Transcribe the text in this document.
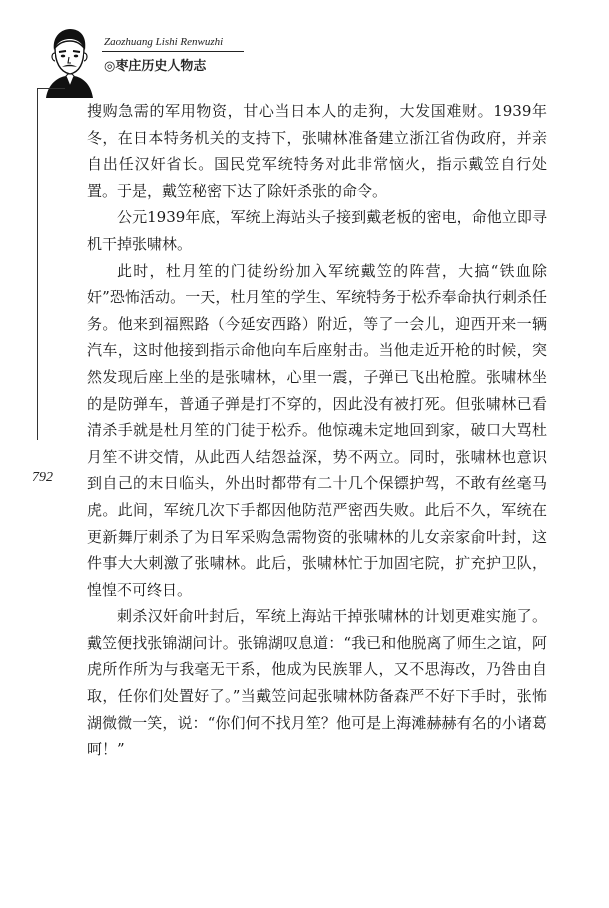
Zaozhuang Lishi Renwuzhi
◎枣庄历史人物志
792

搜购急需的军用物资，甘心当日本人的走狗，大发国难财。1939年冬，在日本特务机关的支持下，张啸林准备建立浙江省伪政府，并亲自出任汉奸省长。国民党军统特务对此非常恼火，指示戴笠自行处置。于是，戴笠秘密下达了除奸杀张的命令。

公元1939年底，军统上海站头子接到戴老板的密电，命他立即寻机干掉张啸林。

此时，杜月笙的门徒纷纷加入军统戴笠的阵营，大搞“铁血除奸”恐怖活动。一天，杜月笙的学生、军统特务于松乔奉命执行刺杀任务。他来到福熙路（今延安西路）附近，等了一会儿，迎西开来一辆汽车，这时他接到指示命他向车后座射击。当他走近开枪的时候，突然发现后座上坐的是张啸林，心里一震，子弹已飞出枪膛。张啸林坐的是防弹车，普通子弹是打不穿的，因此没有被打死。但张啸林已看清杀手就是杜月笙的门徒于松乔。他惊魂未定地回到家，破口大骂杜月笙不讲交情，从此西人结怨益深，势不两立。同时，张啸林也意识到自己的末日临头，外出时都带有二十几个保镖护驾，不敢有丝毫马虎。此间，军统几次下手都因他防范严密西失败。此后不久，军统在更新舞厅刺杀了为日军采购急需物资的张啸林的儿女亲家俞叶封，这件事大大刺激了张啸林。此后，张啸林忙于加固宅院，扩充护卫队，惶惶不可终日。

刺杀汉奸俞叶封后，军统上海站干掉张啸林的计划更难实施了。戴笠便找张锦湖问计。张锦湖叹息道：“我已和他脱离了师生之谊，阿虎所作所为与我毫无干系，他成为民族罪人，又不思海改，乃咎由自取，任你们处置好了。”当戴笠问起张啸林防备森严不好下手时，张怖湖微微一笑，说：“你们何不找月笙？他可是上海滩赫赫有名的小诸葛呵！”
